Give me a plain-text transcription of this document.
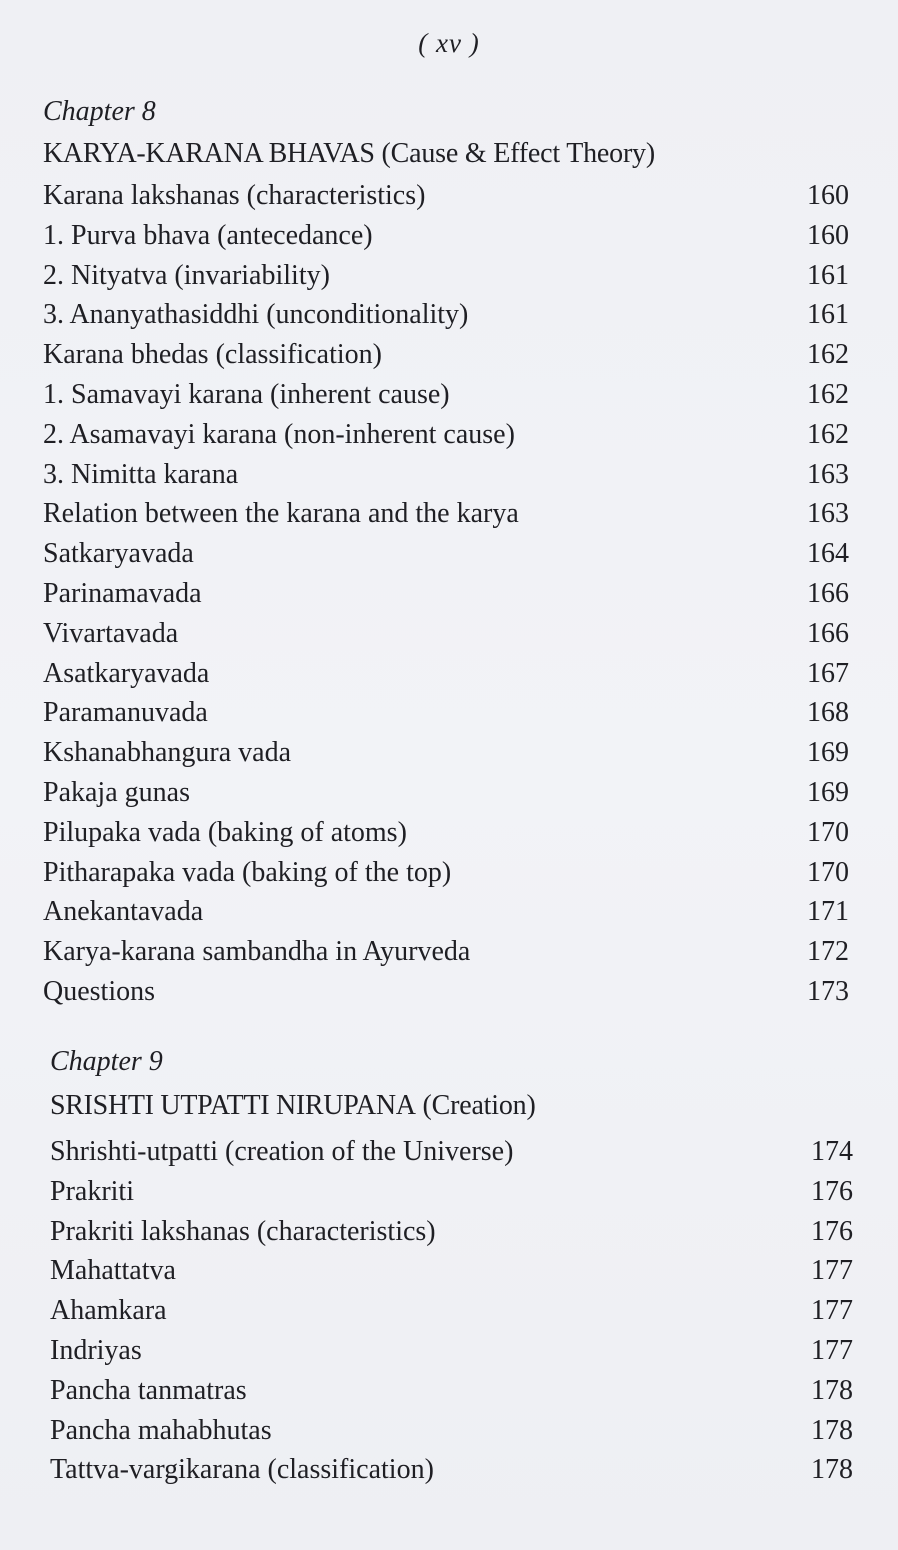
( xv )
Chapter 8
KARYA-KARANA BHAVAS (Cause & Effect Theory)
Karana lakshanas (characteristics)	160
1. Purva bhava (antecedance)	160
2. Nityatva (invariability)	161
3. Ananyathasiddhi (unconditionality)	161
Karana bhedas (classification)	162
1. Samavayi karana (inherent cause)	162
2. Asamavayi karana (non-inherent cause)	162
3. Nimitta karana	163
Relation between the karana and the karya	163
Satkaryavada	164
Parinamavada	166
Vivartavada	166
Asatkaryavada	167
Paramanuvada	168
Kshanabhangura vada	169
Pakaja gunas	169
Pilupaka vada (baking of atoms)	170
Pitharapaka vada (baking of the top)	170
Anekantavada	171
Karya-karana sambandha in Ayurveda	172
Questions	173
Chapter 9
SRISHTI UTPATTI NIRUPANA (Creation)
Shrishti-utpatti (creation of the Universe)	174
Prakriti	176
Prakriti lakshanas (characteristics)	176
Mahattatva	177
Ahamkara	177
Indriyas	177
Pancha tanmatras	178
Pancha mahabhutas	178
Tattva-vargikarana (classification)	178
